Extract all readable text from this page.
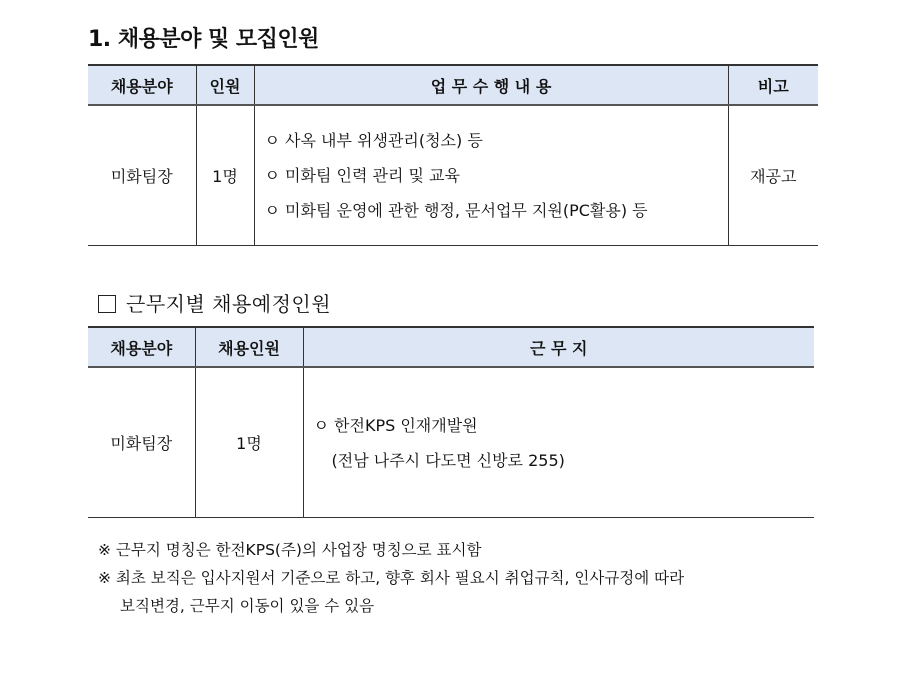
1. 채용분야 및 모집인원
채용분야	인원	업 무 수 행 내 용	비고
미화팀장	1명	ㅇ 사옥 내부 위생관리(청소) 등
ㅇ 미화팀 인력 관리 및 교육
ㅇ 미화팀 운영에 관한 행정, 문서업무 지원(PC활용) 등	재공고
근무지별 채용예정인원
채용분야	채용인원	근 무 지
미화팀장	1명	ㅇ 한전KPS 인재개발원
(전남 나주시 다도면 신방로 255)
※ 근무지 명칭은 한전KPS(주)의 사업장 명칭으로 표시함
※ 최초 보직은 입사지원서 기준으로 하고, 향후 회사 필요시 취업규칙, 인사규정에 따라
보직변경, 근무지 이동이 있을 수 있음
